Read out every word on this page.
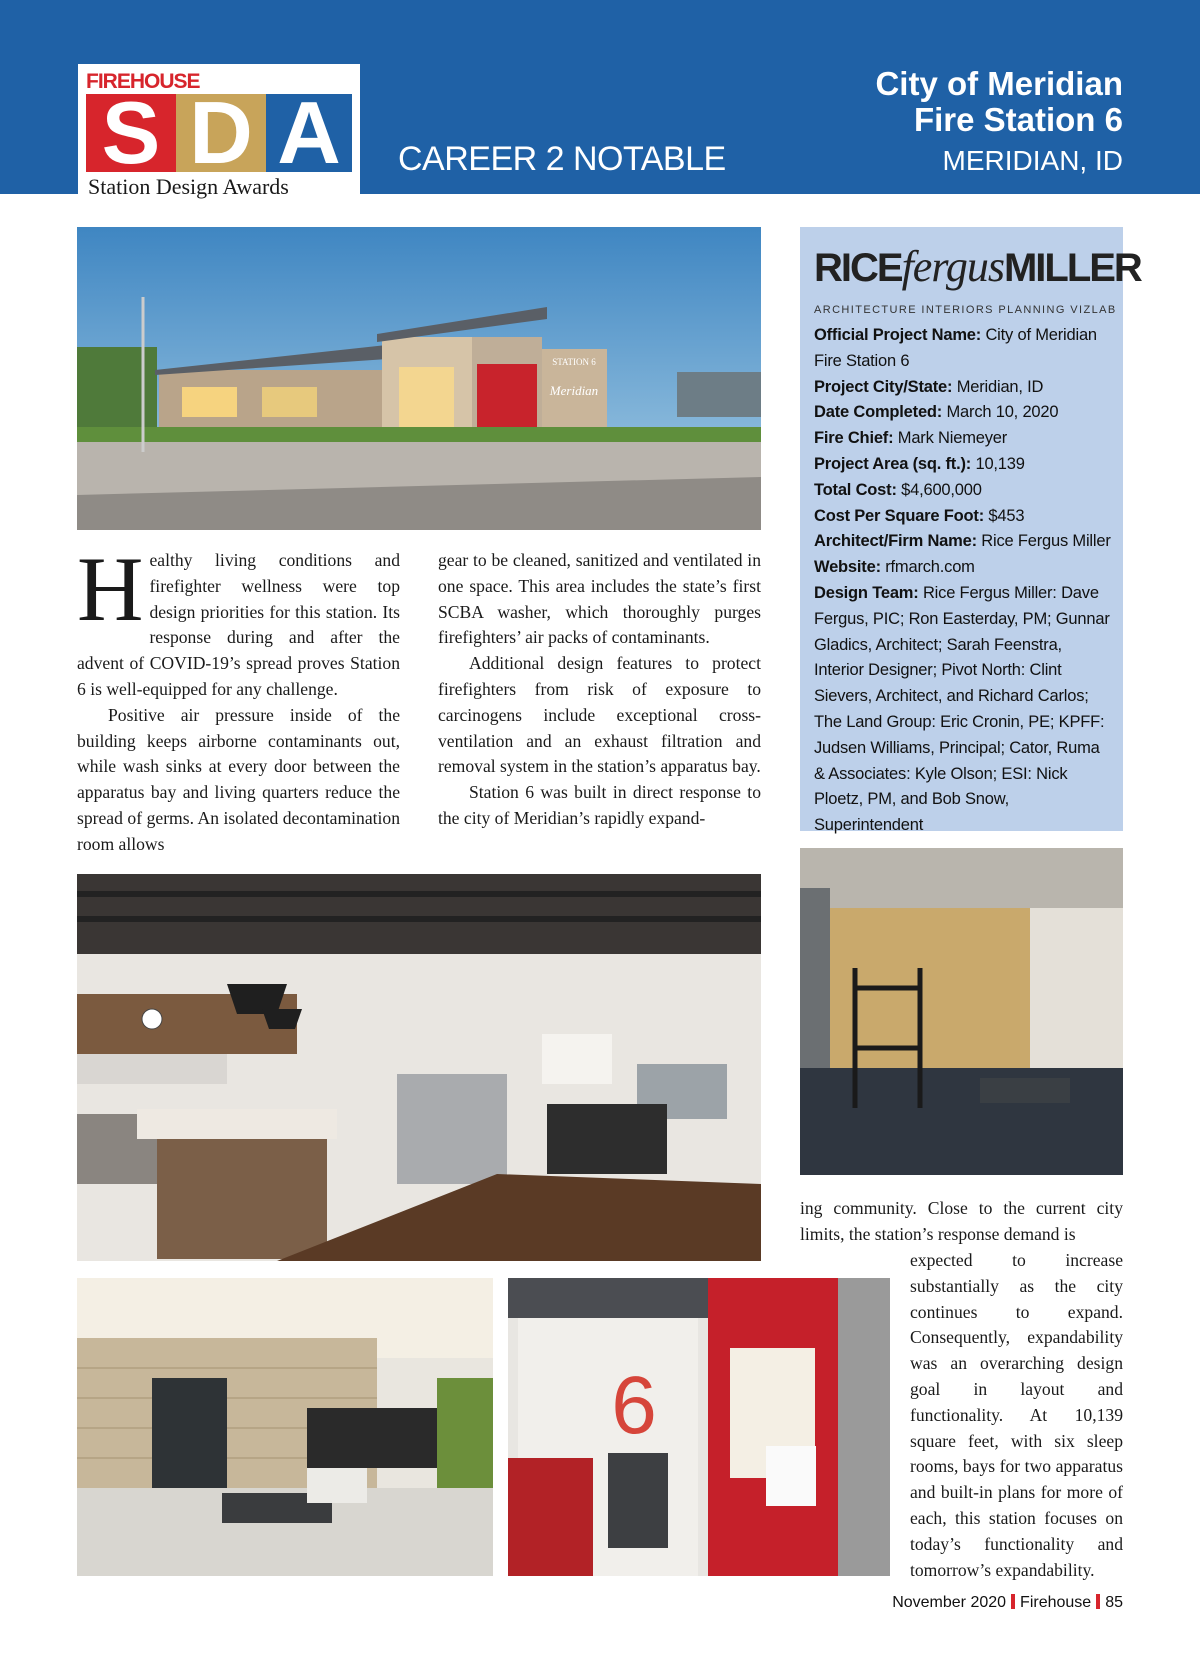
FIREHOUSE
S D A
Station Design Awards
CAREER 2 NOTABLE
City of Meridian
Fire Station 6
MERIDIAN, ID
STATION 6
Meridian

Healthy living conditions and firefighter wellness were top design priorities for this station. Its response during and after the advent of COVID-19’s spread proves Station 6 is well-equipped for any challenge.

Positive air pressure inside of the building keeps airborne contaminants out, while wash sinks at every door between the apparatus bay and living quarters reduce the spread of germs. An isolated decontamination room allows

gear to be cleaned, sanitized and ventilated in one space. This area includes the state’s first SCBA washer, which thoroughly purges firefighters’ air packs of contaminants.

Additional design features to protect firefighters from risk of exposure to carcinogens include exceptional cross-ventilation and an exhaust filtration and removal system in the station’s apparatus bay.

Station 6 was built in direct response to the city of Meridian’s rapidly expand-

RICEfergusMILLER
ARCHITECTURE INTERIORS PLANNING VIZLAB
Official Project Name: City of Meridian Fire Station 6
Project City/State: Meridian, ID
Date Completed: March 10, 2020
Fire Chief: Mark Niemeyer
Project Area (sq. ft.): 10,139
Total Cost: $4,600,000
Cost Per Square Foot: $453
Architect/Firm Name: Rice Fergus Miller
Website: rfmarch.com
Design Team: Rice Fergus Miller: Dave Fergus, PIC; Ron Easterday, PM; Gunnar Gladics, Architect; Sarah Feenstra, Interior Designer; Pivot North: Clint Sievers, Architect, and Richard Carlos; The Land Group: Eric Cronin, PE; KPFF: Judsen Williams, Principal; Cator, Ruma & Associates: Kyle Olson; ESI: Nick Ploetz, PM, and Bob Snow, Superintendent
6

ing community. Close to the current city limits, the station’s response demand is

expected to increase substantially as the city continues to expand. Consequently, expandability was an overarching design goal in layout and functionality. At 10,139 square feet, with six sleep rooms, bays for two apparatus and built-in plans for more of each, this station focuses on today’s functionality and tomorrow’s expandability.

November 2020 Firehouse 85
